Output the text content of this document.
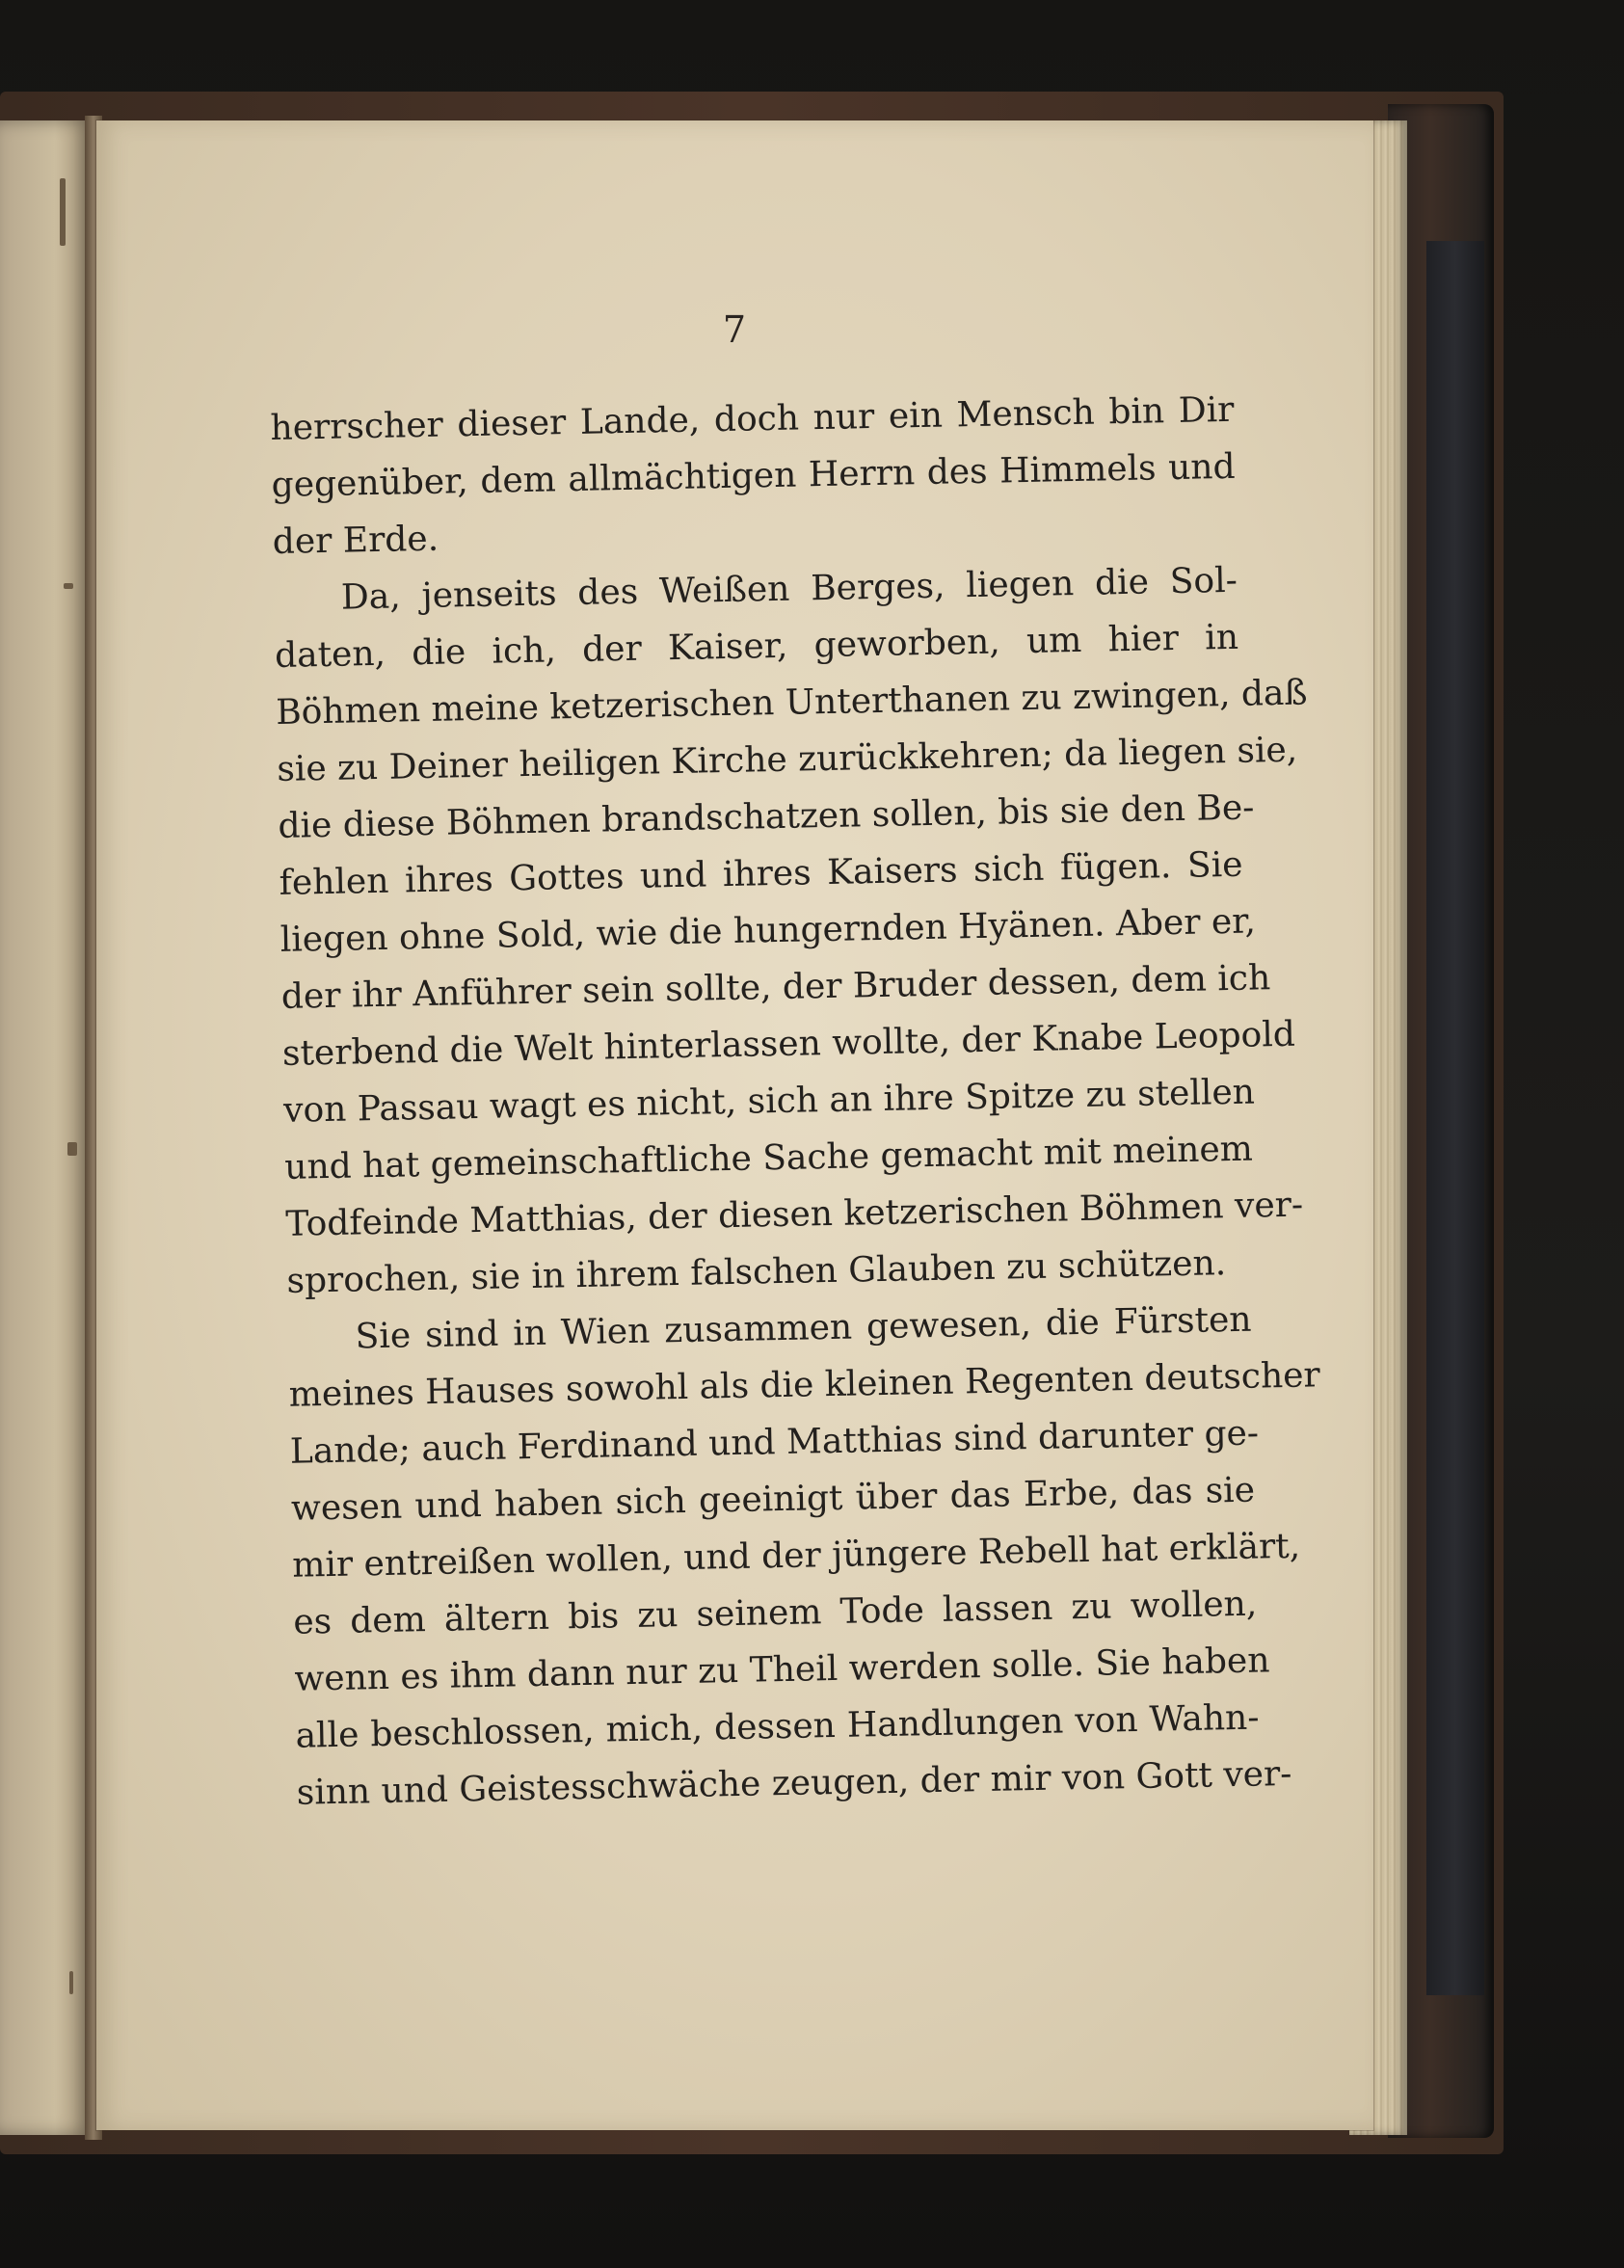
7
herrscher dieser Lande, doch nur ein Mensch bin Dir
gegenüber, dem allmächtigen Herrn des Himmels und
der Erde.
Da, jenseits des Weißen Berges, liegen die Sol-
daten, die ich, der Kaiser, geworben, um hier in
Böhmen meine ketzerischen Unterthanen zu zwingen, daß
sie zu Deiner heiligen Kirche zurückkehren; da liegen sie,
die diese Böhmen brandschatzen sollen, bis sie den Be-
fehlen ihres Gottes und ihres Kaisers sich fügen. Sie
liegen ohne Sold, wie die hungernden Hyänen. Aber er,
der ihr Anführer sein sollte, der Bruder dessen, dem ich
sterbend die Welt hinterlassen wollte, der Knabe Leopold
von Passau wagt es nicht, sich an ihre Spitze zu stellen
und hat gemeinschaftliche Sache gemacht mit meinem
Todfeinde Matthias, der diesen ketzerischen Böhmen ver-
sprochen, sie in ihrem falschen Glauben zu schützen.
Sie sind in Wien zusammen gewesen, die Fürsten
meines Hauses sowohl als die kleinen Regenten deutscher
Lande; auch Ferdinand und Matthias sind darunter ge-
wesen und haben sich geeinigt über das Erbe, das sie
mir entreißen wollen, und der jüngere Rebell hat erklärt,
es dem ältern bis zu seinem Tode lassen zu wollen,
wenn es ihm dann nur zu Theil werden solle. Sie haben
alle beschlossen, mich, dessen Handlungen von Wahn-
sinn und Geistesschwäche zeugen, der mir von Gott ver-
